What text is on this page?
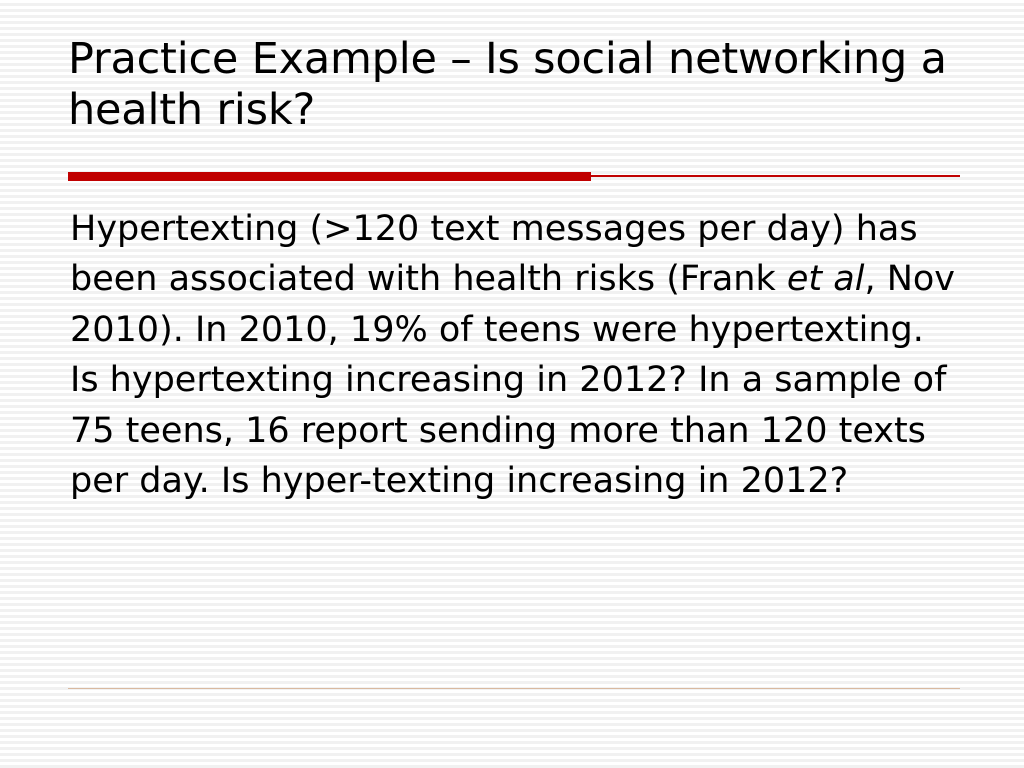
Practice Example – Is social networking a health risk?
Hypertexting (>120 text messages per day) has been associated with health risks (Frank et al, Nov 2010). In 2010, 19% of teens were hypertexting. Is hypertexting increasing in 2012? In a sample of 75 teens, 16 report sending more than 120 texts per day. Is hyper-texting increasing in 2012?
